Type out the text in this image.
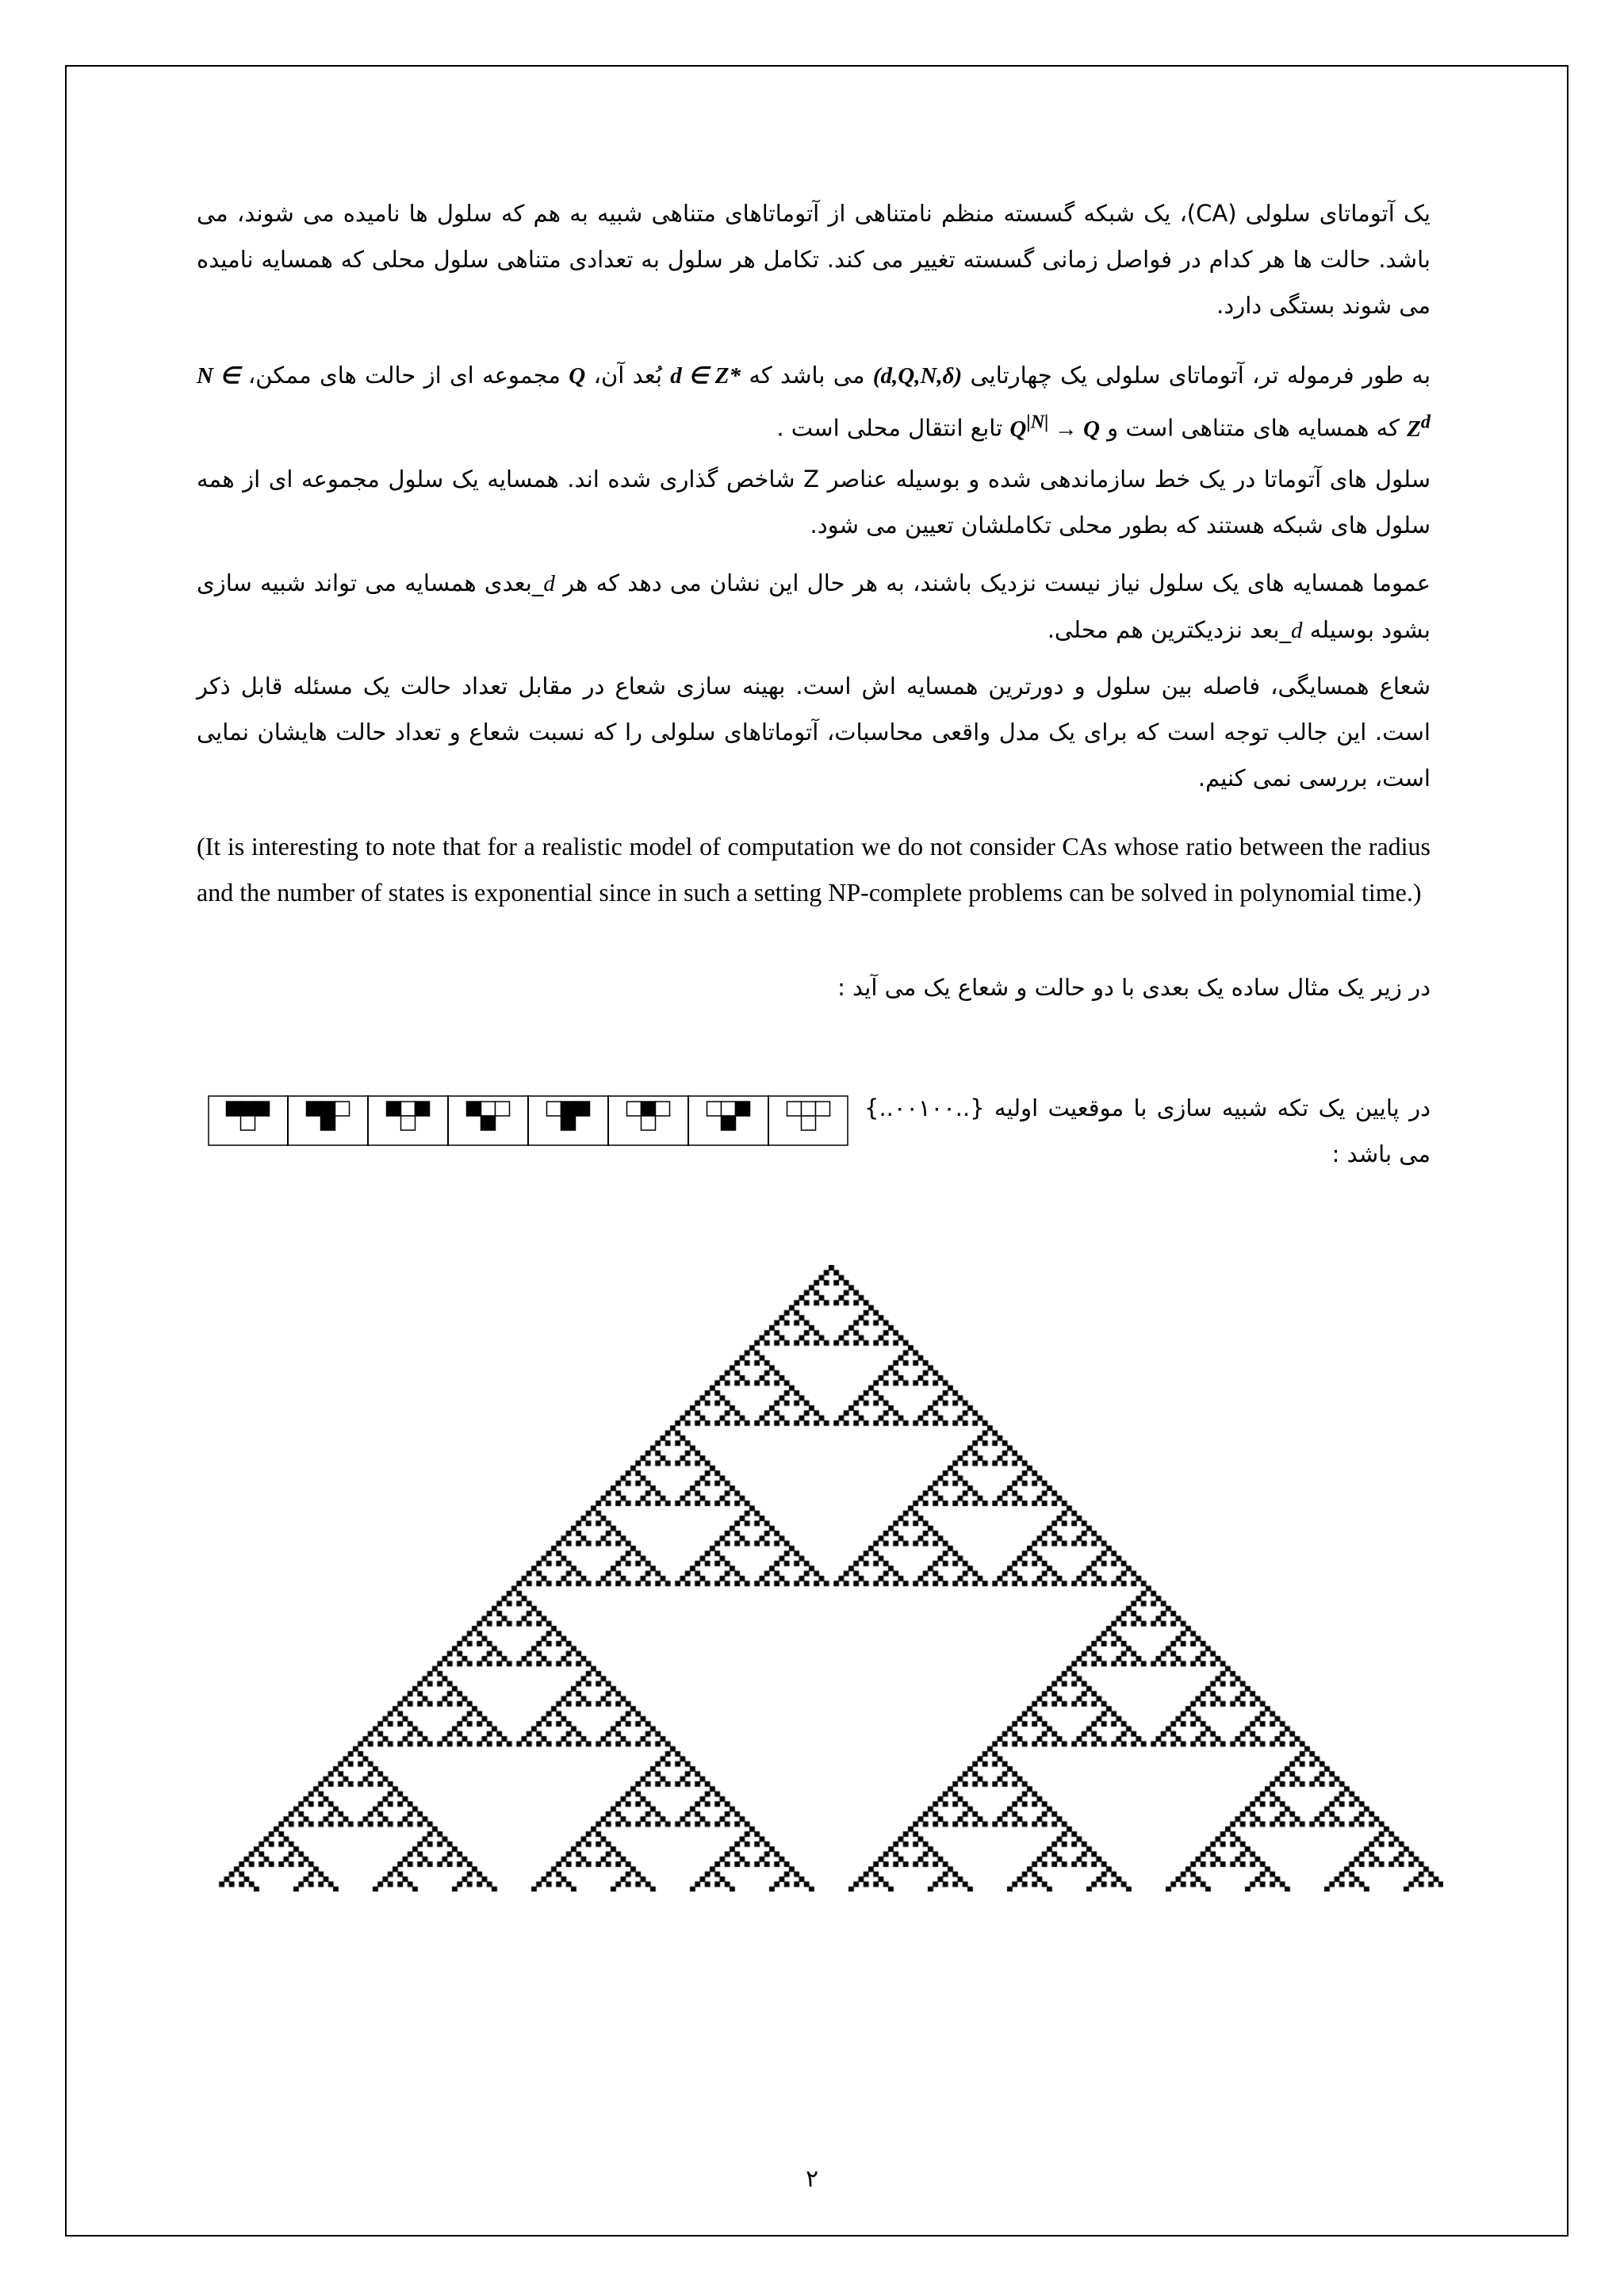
یک آتوماتای سلولی (CA)، یک شبکه گسسته منظم نامتناهی از آتوماتاهای متناهی شبیه به هم که سلول ها نامیده می شوند، می باشد. حالت ها هر کدام در فواصل زمانی گسسته تغییر می کند. تکامل هر سلول به تعدادی متناهی سلول محلی که همسایه نامیده می شوند بستگی دارد.
به طور فرموله تر، آتوماتای سلولی یک چهارتایی (d,Q,N,δ) می باشد که d ∈ Z* بُعد آن، Q مجموعه ای از حالت های ممکن، N ∈ $Z^d$ که همسایه های متناهی است و $Q^{|N|} \to Q$ تابع انتقال محلی است .
سلول های آتوماتا در یک خط سازماندهی شده و بوسیله عناصر Z شاخص گذاری شده اند. همسایه یک سلول مجموعه ای از همه سلول های شبکه هستند که بطور محلی تکاملشان تعیین می شود.
عموما همسایه های یک سلول نیاز نیست نزدیک باشند، به هر حال این نشان می دهد که هر d_بعدی همسایه می تواند شبیه سازی بشود بوسیله d_بعد نزدیکترین هم محلی.
شعاع همسایگی، فاصله بین سلول و دورترین همسایه اش است. بهینه سازی شعاع در مقابل تعداد حالت یک مسئله قابل ذکر است. این جالب توجه است که برای یک مدل واقعی محاسبات، آتوماتاهای سلولی را که نسبت شعاع و تعداد حالت هایشان نمایی است، بررسی نمی کنیم.
(It is interesting to note that for a realistic model of computation we do not consider CAs whose ratio between the radius and the number of states is exponential since in such a setting NP-complete problems can be solved in polynomial time.)
در زیر یک مثال ساده یک بعدی با دو حالت و شعاع یک می آید :
در پایین یک تکه شبیه سازی با موقعیت اولیه {..۰۰۱۰۰..} می باشد :
۲
